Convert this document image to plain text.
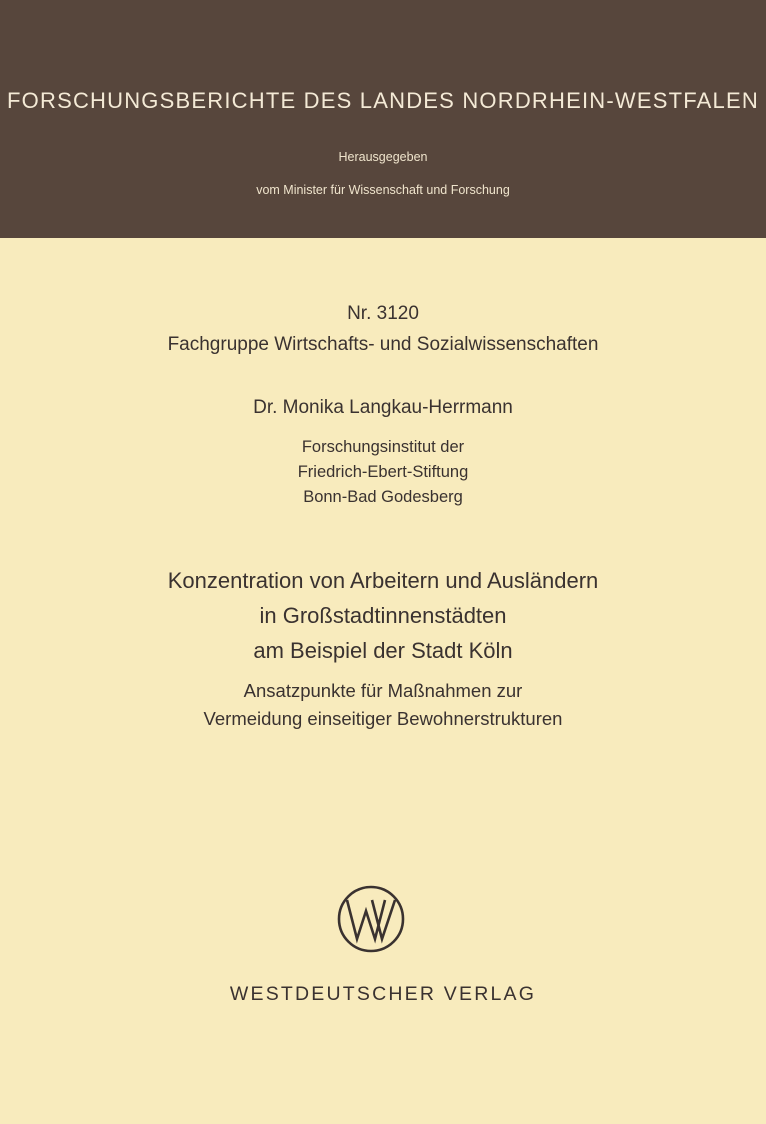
FORSCHUNGSBERICHTE DES LANDES NORDRHEIN-WESTFALEN
Herausgegeben
vom Minister für Wissenschaft und Forschung
Nr. 3120
Fachgruppe Wirtschafts- und Sozialwissenschaften
Dr. Monika Langkau-Herrmann
Forschungsinstitut der
Friedrich-Ebert-Stiftung
Bonn-Bad Godesberg
Konzentration von Arbeitern und Ausländern
in Großstadtinnenstädten
am Beispiel der Stadt Köln
Ansatzpunkte für Maßnahmen zur
Vermeidung einseitiger Bewohnerstrukturen
WESTDEUTSCHER VERLAG
